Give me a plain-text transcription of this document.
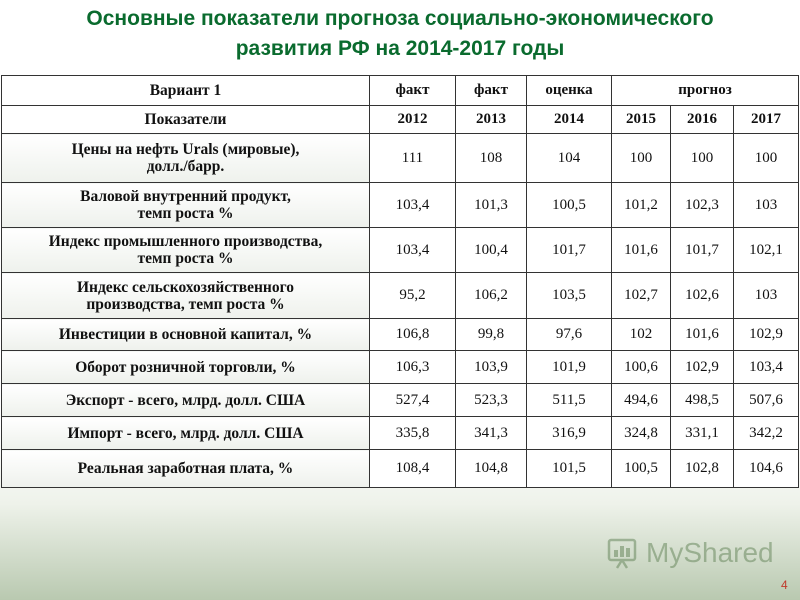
Основные показатели прогноза социально-экономического
развития РФ на 2014-2017 годы
Вариант 1	факт	факт	оценка	прогноз		
Показатели	2012	2013	2014	2015	2016	2017

Цены на нефть Urals (мировые),
долл./барр.	111	108	104	100	100	100

Валовой внутренний продукт,
темп роста %	103,4	101,3	100,5	101,2	102,3	103

Индекс промышленного производства,
темп роста %	103,4	100,4	101,7	101,6	101,7	102,1

Индекс сельскохозяйственного
производства, темп роста %	95,2	106,2	103,5	102,7	102,6	103

Инвестиции в основной капитал, %	106,8	99,8	97,6	102	101,6	102,9

Оборот розничной торговли, %	106,3	103,9	101,9	100,6	102,9	103,4

Экспорт - всего, млрд. долл. США	527,4	523,3	511,5	494,6	498,5	507,6

Импорт - всего, млрд. долл. США	335,8	341,3	316,9	324,8	331,1	342,2

Реальная заработная плата, %	108,4	104,8	101,5	100,5	102,8	104,6
MyShared
4
